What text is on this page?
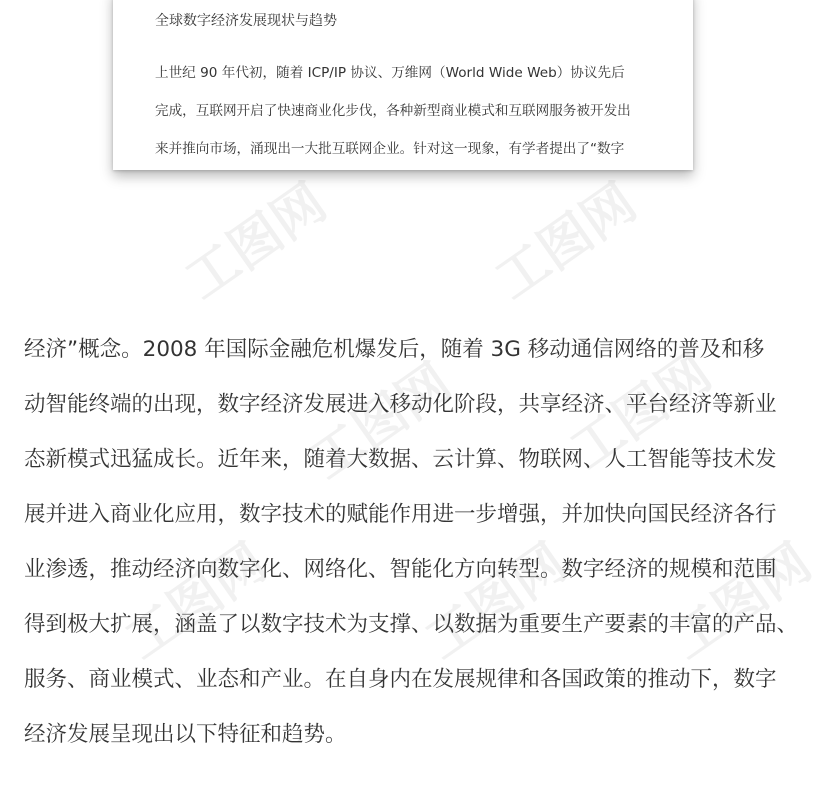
工图网	工图网
工图网 工图网
工图网	工图网 工图网
全球数字经济发展现状与趋势
上世纪 90 年代初，随着 ICP/IP 协议、万维网（World Wide Web）协议先后
完成，互联网开启了快速商业化步伐，各种新型商业模式和互联网服务被开发出
来并推向市场，涌现出一大批互联网企业。针对这一现象，有学者提出了“数字
经济”概念。2008 年国际金融危机爆发后，随着 3G 移动通信网络的普及和移
动智能终端的出现，数字经济发展进入移动化阶段，共享经济、平台经济等新业
态新模式迅猛成长。近年来，随着大数据、云计算、物联网、人工智能等技术发
展并进入商业化应用，数字技术的赋能作用进一步增强，并加快向国民经济各行
业渗透，推动经济向数字化、网络化、智能化方向转型。数字经济的规模和范围
得到极大扩展，涵盖了以数字技术为支撑、以数据为重要生产要素的丰富的产品、
服务、商业模式、业态和产业。在自身内在发展规律和各国政策的推动下，数字
经济发展呈现出以下特征和趋势。
